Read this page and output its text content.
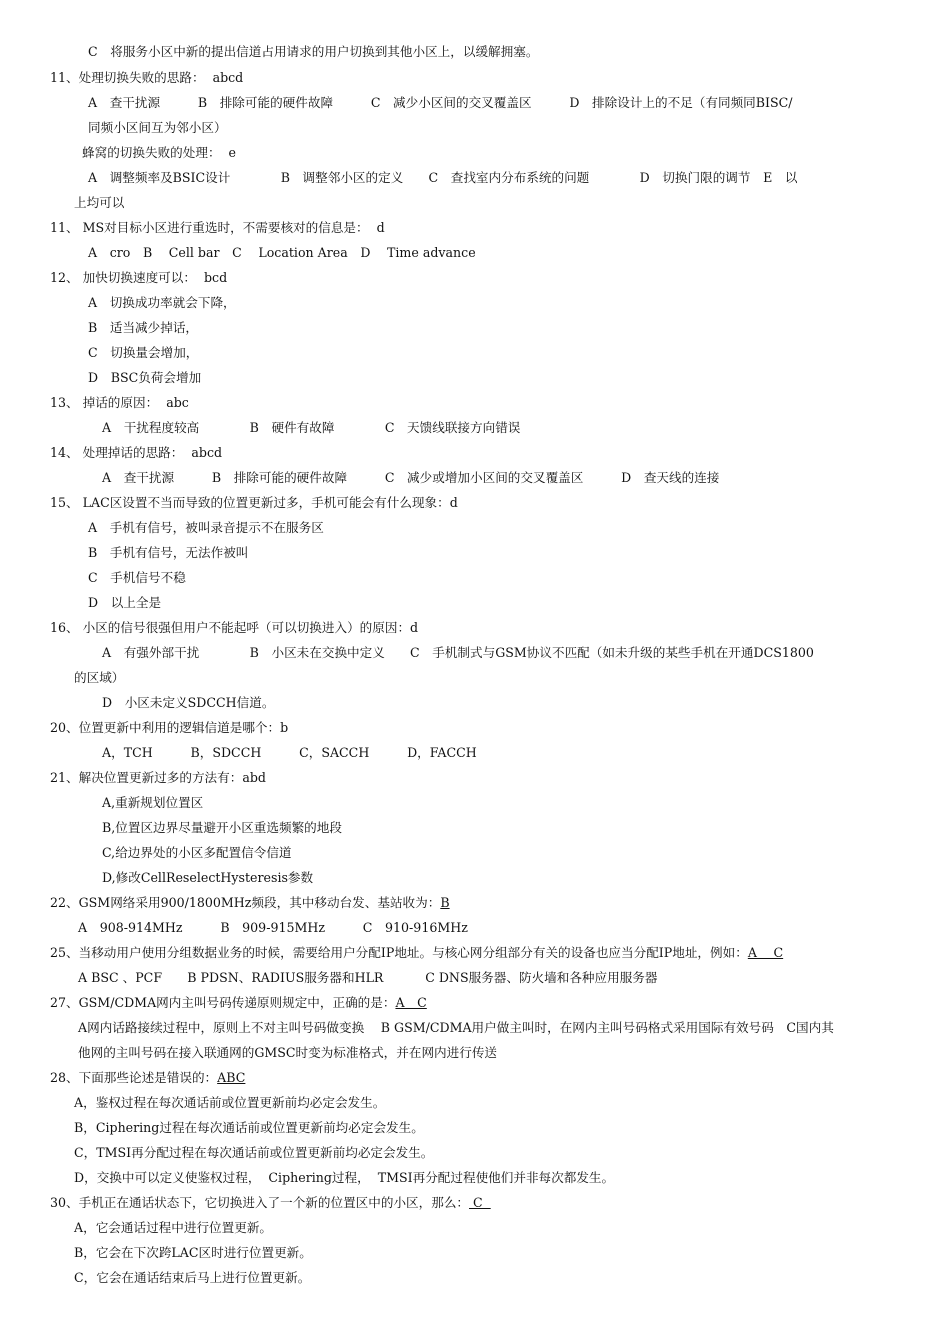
C　将服务小区中新的提出信道占用请求的用户切换到其他小区上，以缓解拥塞。
11、处理切换失败的思路：  abcd
A　查干扰源　　　B　排除可能的硬件故障　　　C　减少小区间的交叉覆盖区　　　D　排除设计上的不足（有同频同BISC/
同频小区间互为邻小区）
蜂窝的切换失败的处理：  e
A　调整频率及BSIC设计　　　　B　调整邻小区的定义　　C　查找室内分布系统的问题　　　　D　切换门限的调节　E　以
上均可以
11、 MS对目标小区进行重选时，不需要核对的信息是：  d
A　cro　B　 Cell bar　C　 Location Area　D　 Time advance
12、 加快切换速度可以：  bcd
A　切换成功率就会下降，
B　适当减少掉话，
C　切换量会增加，
D　BSC负荷会增加
13、 掉话的原因：  abc
A　干扰程度较高　　　　B　硬件有故障　　　　C　天馈线联接方向错误
14、 处理掉话的思路：  abcd
A　查干扰源　　　B　排除可能的硬件故障　　　C　减少或增加小区间的交叉覆盖区　　　D　查天线的连接
15、 LAC区设置不当而导致的位置更新过多，手机可能会有什么现象：d
A　手机有信号，被叫录音提示不在服务区
B　手机有信号，无法作被叫
C　手机信号不稳
D　以上全是
16、 小区的信号很强但用户不能起呼（可以切换进入）的原因：d
A　有强外部干扰　　　　B　小区未在交换中定义　　C　手机制式与GSM协议不匹配（如未升级的某些手机在开通DCS1800
的区域）
D　小区未定义SDCCH信道。
20、位置更新中利用的逻辑信道是哪个：b
A，TCH　　　B，SDCCH　　　C，SACCH　　　D，FACCH
21、解决位置更新过多的方法有：abd
A,重新规划位置区
B,位置区边界尽量避开小区重选频繁的地段
C,给边界处的小区多配置信令信道
D,修改CellReselectHysteresis参数
22、GSM网络采用900/1800MHz频段，其中移动台发、基站收为：B
A　908-914MHz　　　B　909-915MHz　　　C　910-916MHz
25、当移动用户使用分组数据业务的时候，需要给用户分配IP地址。与核心网分组部分有关的设备也应当分配IP地址，例如：A　 C
A BSC 、PCF　　B PDSN、RADIUS服务器和HLR　　　 C DNS服务器、防火墙和各种应用服务器
27、GSM/CDMA网内主叫号码传递原则规定中，正确的是：A　C
A网内话路接续过程中，原则上不对主叫号码做变换　 B GSM/CDMA用户做主叫时，在网内主叫号码格式采用国际有效号码　C国内其
他网的主叫号码在接入联通网的GMSC时变为标准格式，并在网内进行传送
28、下面那些论述是错误的：ABC
A，鉴权过程在每次通话前或位置更新前均必定会发生。
B，Ciphering过程在每次通话前或位置更新前均必定会发生。
C，TMSI再分配过程在每次通话前或位置更新前均必定会发生。
D，交换中可以定义使鉴权过程，  Ciphering过程，  TMSI再分配过程使他们并非每次都发生。
30、手机正在通话状态下，它切换进入了一个新的位置区中的小区，那么： C
A，它会通话过程中进行位置更新。
B，它会在下次跨LAC区时进行位置更新。
C，它会在通话结束后马上进行位置更新。
